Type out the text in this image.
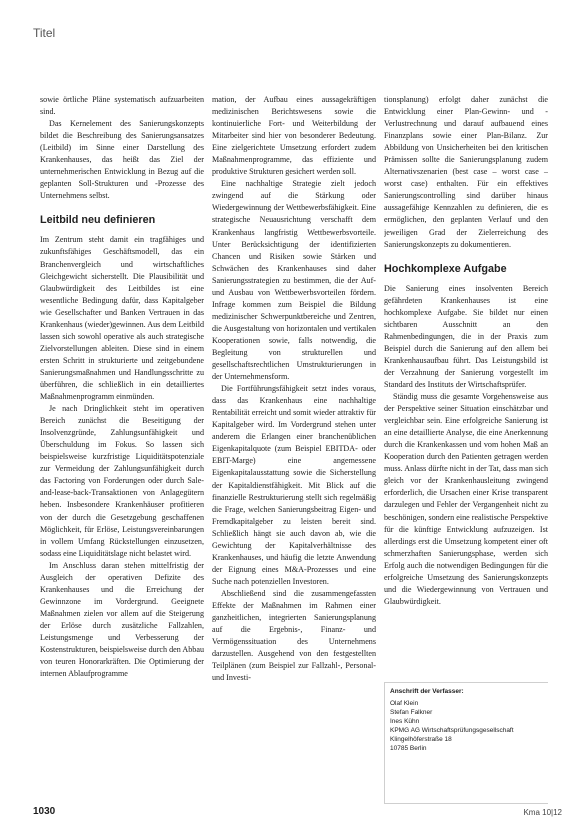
Titel

sowie örtliche Pläne systematisch aufzuarbeiten sind.

Das Kernelement des Sanierungskonzepts bildet die Beschreibung des Sanierungsansatzes (Leitbild) im Sinne einer Darstellung des Krankenhauses, das heißt das Ziel der unternehmerischen Entwicklung in Bezug auf die geplanten Soll-Strukturen und -Prozesse des Unternehmens selbst.

Leitbild neu definieren

Im Zentrum steht damit ein tragfähiges und zukunftsfähiges Geschäftsmodell, das ein Branchenvergleich und wirtschaftliches Gleichgewicht sicherstellt. Die Plausibilität und Glaubwürdigkeit des Leitbildes ist eine wesentliche Bedingung dafür, dass Kapitalgeber wie Gesellschafter und Banken Vertrauen in das Krankenhaus (wieder)gewinnen. Aus dem Leitbild lassen sich sowohl operative als auch strategische Zielvorstellungen ableiten. Diese sind in einem ersten Schritt in strukturierte und zeitgebundene Sanierungsmaßnahmen und Handlungsschritte zu überführen, die schließlich in ein detailliertes Maßnahmenprogramm einmünden.

Je nach Dringlichkeit steht im operativen Bereich zunächst die Beseitigung der Insolvenzgründe, Zahlungsunfähigkeit und Überschuldung im Fokus. So lassen sich beispielsweise kurzfristige Liquiditätspotenziale zur Vermeidung der Zahlungsunfähigkeit durch das Factoring von Forderungen oder durch Sale-and-lease-back-Transaktionen von Anlagegütern heben. Insbesondere Krankenhäuser profitieren von der durch die Gesetzgebung geschaffenen Möglichkeit, für Erlöse, Leistungsvereinbarungen in vollem Umfang Rückstellungen einzusetzen, sodass eine Liquiditätslage nicht belastet wird.

Im Anschluss daran stehen mittelfristig der Ausgleich der operativen Defizite des Krankenhauses und die Erreichung der Gewinnzone im Vordergrund. Geeignete Maßnahmen zielen vor allem auf die Steigerung der Erlöse durch zusätzliche Fallzahlen, Leistungsmenge und Verbesserung der Kostenstrukturen, beispielsweise durch den Abbau von teuren Honorarkräften. Die Optimierung der internen Ablaufprogramme

mation, der Aufbau eines aussagekräftigen medizinischen Berichtswesens sowie die kontinuierliche Fort- und Weiterbildung der Mitarbeiter sind hier von besonderer Bedeutung. Eine zielgerichtete Umsetzung erfordert zudem Maßnahmenprogramme, das effiziente und produktive Strukturen gesichert werden soll.

Eine nachhaltige Strategie zielt jedoch zwingend auf die Stärkung oder Wiedergewinnung der Wettbewerbsfähigkeit. Eine strategische Neuausrichtung verschafft dem Krankenhaus langfristig Wettbewerbsvorteile. Unter Berücksichtigung der identifizierten Chancen und Risiken sowie Stärken und Schwächen des Krankenhauses sind daher Sanierungsstrategien zu bestimmen, die der Auf- und Ausbau von Wettbewerbsvorteilen fördern. Infrage kommen zum Beispiel die Bildung medizinischer Schwerpunktbereiche und Zentren, die Ausgestaltung von horizontalen und vertikalen Kooperationen sowie, falls notwendig, die Begleitung von strukturellen und gesellschaftsrechtlichen Umstrukturierungen in der Unternehmensform.

Die Fortführungsfähigkeit setzt indes voraus, dass das Krankenhaus eine nachhaltige Rentabilität erreicht und somit wieder attraktiv für Kapitalgeber wird. Im Vordergrund stehen unter anderem die Erlangen einer branchenüblichen Eigenkapitalquote (zum Beispiel EBITDA- oder EBIT-Marge) eine angemessene Eigenkapitalausstattung sowie die Sicherstellung der Kapitaldienstfähigkeit. Mit Blick auf die finanzielle Restrukturierung stellt sich regelmäßig die Frage, welchen Sanierungsbeitrag Eigen- und Fremdkapitalgeber zu leisten bereit sind. Schließlich hängt sie auch davon ab, wie die Gewichtung der Kapitalverhältnisse des Krankenhauses, und häufig die letzte Anwendung der Eignung eines M&A-Prozesses und eine Suche nach potenziellen Investoren.

Abschließend sind die zusammengefassten Effekte der Maßnahmen im Rahmen einer ganzheitlichen, integrierten Sanierungsplanung auf die Ergebnis-, Finanz- und Vermögenssituation des Unternehmens darzustellen. Ausgehend von den festgestellten Teilplänen (zum Beispiel zur Fallzahl-, Personal- und Investi-

tionsplanung) erfolgt daher zunächst die Entwicklung einer Plan-Gewinn- und -Verlustrechnung und darauf aufbauend eines Finanzplans sowie einer Plan-Bilanz. Zur Abbildung von Unsicherheiten bei den kritischen Prämissen sollte die Sanierungsplanung zudem Alternativszenarien (best case – worst case – worst case) enthalten. Für ein effektives Sanierungscontrolling sind darüber hinaus aussagefähige Kennzahlen zu definieren, die es ermöglichen, den geplanten Verlauf und den jeweiligen Grad der Zielerreichung des Sanierungskonzepts zu dokumentieren.

Hochkomplexe Aufgabe

Die Sanierung eines insolventen Bereich gefährdeten Krankenhauses ist eine hochkomplexe Aufgabe. Sie bildet nur einen sichtbaren Ausschnitt an den Rahmenbedingungen, die in der Praxis zum Beispiel durch die Sanierung auf den allem bei Krankenhausaufbau führt. Das Leistungsbild ist der Verzahnung der Sanierung vorgestellt im Standard des Instituts der Wirtschaftsprüfer.

Ständig muss die gesamte Vorgehensweise aus der Perspektive seiner Situation einschätzbar und vergleichbar sein. Eine erfolgreiche Sanierung ist an eine detaillierte Analyse, die eine Anerkennung durch die Krankenkassen und vom hohen Maß an Kooperation durch den Patienten getragen werden muss. Anlass dürfte nicht in der Tat, dass man sich gleich vor der Krankenhausleitung zwingend erforderlich, die Ursachen einer Krise transparent darzulegen und Fehler der Vergangenheit nicht zu beschönigen, sondern eine realistische Perspektive für die künftige Entwicklung aufzuzeigen. Ist allerdings erst die Umsetzung kompetent einer oft schmerzhaften Sanierungsphase, werden sich Erfolg auch die notwendigen Bedingungen für die erfolgreiche Umsetzung des Sanierungskonzepts und die Wiedergewinnung von Vertrauen und Glaubwürdigkeit.

Anschrift der Verfasser:
Olaf Klein
Stefan Falkner
Ines Kühn
KPMG AG Wirtschaftsprüfungsgesellschaft
Klingelhöferstraße 18
10785 Berlin
1030	Kma 10|12
